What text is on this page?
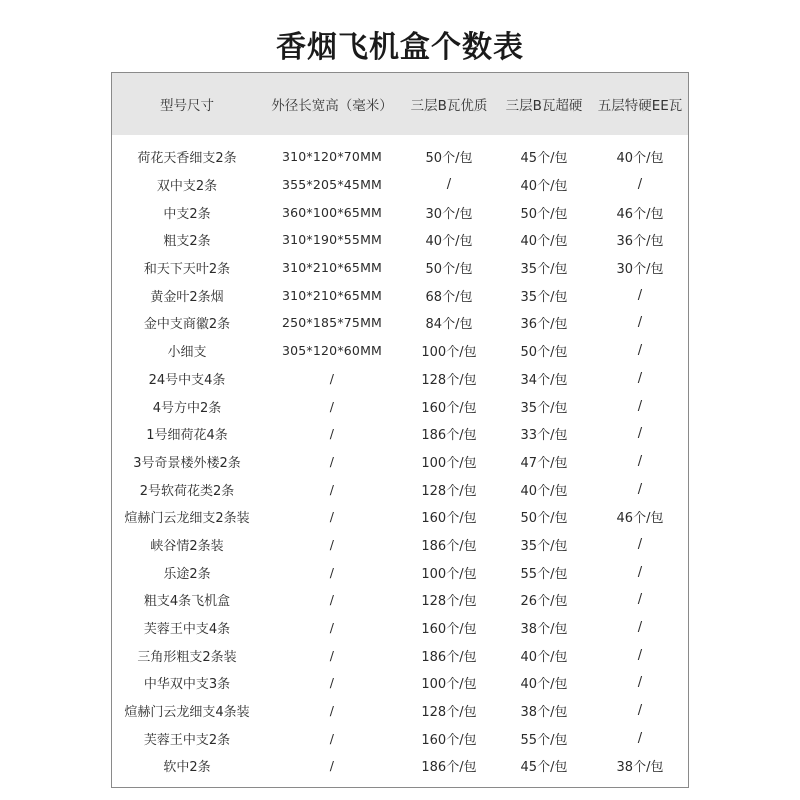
香烟飞机盒个数表
型号尺寸	外径长宽高（毫米）	三层B瓦优质	三层B瓦超硬	五层特硬EE瓦
荷花天香细支2条	310*120*70MM	50个/包	45个/包	40个/包
双中支2条	355*205*45MM	/	40个/包	/
中支2条	360*100*65MM	30个/包	50个/包	46个/包
粗支2条	310*190*55MM	40个/包	40个/包	36个/包
和天下天叶2条	310*210*65MM	50个/包	35个/包	30个/包
黄金叶2条烟	310*210*65MM	68个/包	35个/包	/
金中支商徽2条	250*185*75MM	84个/包	36个/包	/
小细支	305*120*60MM	100个/包	50个/包	/
24号中支4条	/	128个/包	34个/包	/
4号方中2条	/	160个/包	35个/包	/
1号细荷花4条	/	186个/包	33个/包	/
3号奇景楼外楼2条	/	100个/包	47个/包	/
2号软荷花类2条	/	128个/包	40个/包	/
煊赫门云龙细支2条装	/	160个/包	50个/包	46个/包
峡谷情2条装	/	186个/包	35个/包	/
乐途2条	/	100个/包	55个/包	/
粗支4条飞机盒	/	128个/包	26个/包	/
芙蓉王中支4条	/	160个/包	38个/包	/
三角形粗支2条装	/	186个/包	40个/包	/
中华双中支3条	/	100个/包	40个/包	/
煊赫门云龙细支4条装	/	128个/包	38个/包	/
芙蓉王中支2条	/	160个/包	55个/包	/
软中2条	/	186个/包	45个/包	38个/包
